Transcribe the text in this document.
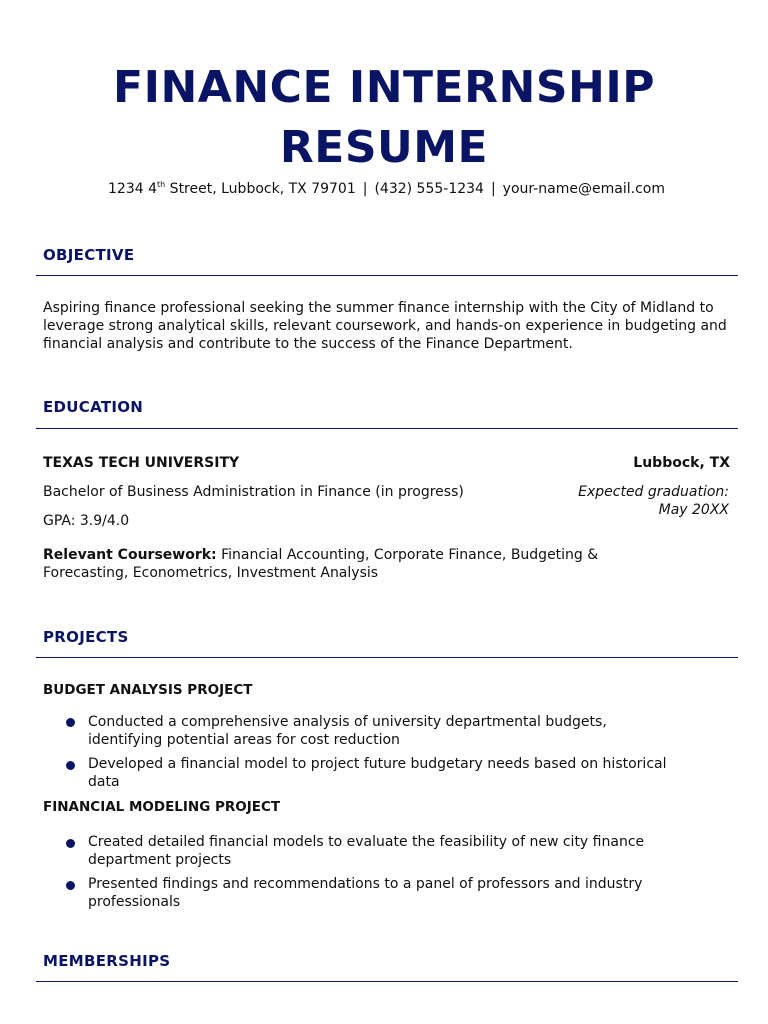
FINANCE INTERNSHIP
RESUME
1234 4th Street, Lubbock, TX 79701 | (432) 555-1234 | your-name@email.com
OBJECTIVE
Aspiring finance professional seeking the summer finance internship with the City of Midland to leverage strong analytical skills, relevant coursework, and hands-on experience in budgeting and financial analysis and contribute to the success of the Finance Department.
EDUCATION
TEXAS TECH UNIVERSITY	Lubbock, TX
Bachelor of Business Administration in Finance (in progress)	Expected graduation:
May 20XX
GPA: 3.9/4.0
Relevant Coursework: Financial Accounting, Corporate Finance, Budgeting & Forecasting, Econometrics, Investment Analysis
PROJECTS
BUDGET ANALYSIS PROJECT
Conducted a comprehensive analysis of university departmental budgets, identifying potential areas for cost reduction
Developed a financial model to project future budgetary needs based on historical data
FINANCIAL MODELING PROJECT
Created detailed financial models to evaluate the feasibility of new city finance department projects
Presented findings and recommendations to a panel of professors and industry professionals
MEMBERSHIPS
